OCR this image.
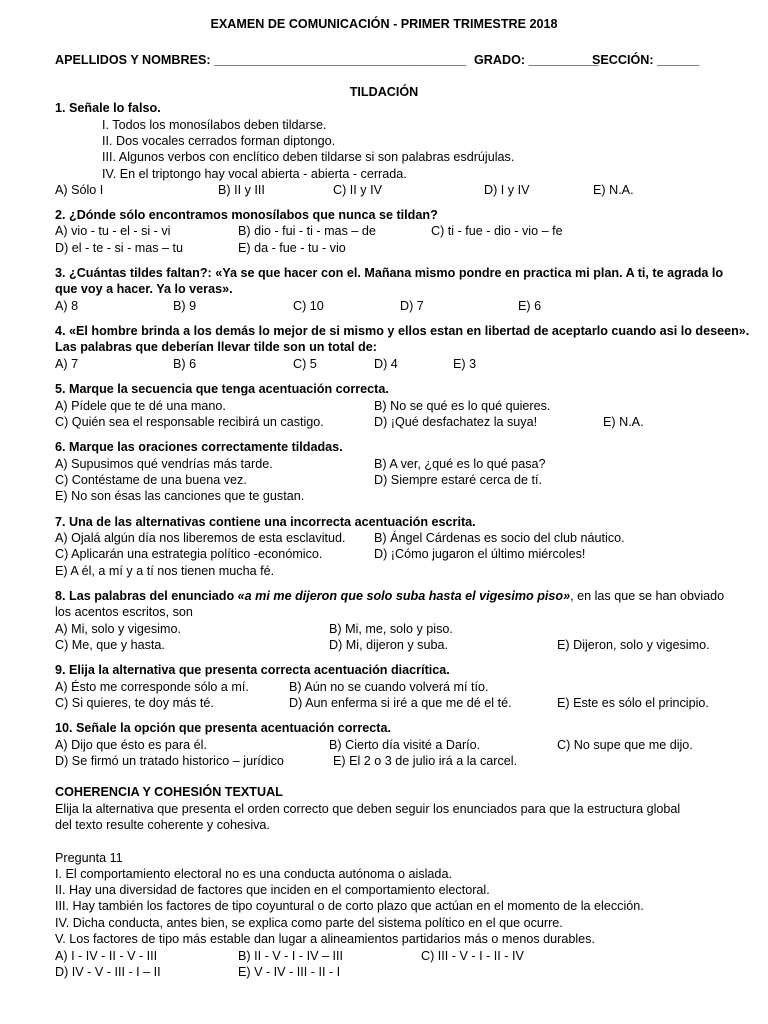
EXAMEN DE COMUNICACIÓN - PRIMER TRIMESTRE 2018
APELLIDOS Y NOMBRES: ____________________________________ GRADO: __________
SECCIÓN: ______
TILDACIÓN
1. Señale lo falso.
I. Todos los monosílabos deben tildarse.
II. Dos vocales cerrados forman diptongo.
III. Algunos verbos con enclítico deben tildarse si son palabras esdrújulas.
IV. En el triptongo hay vocal abierta - abierta - cerrada.
A) Sólo I	B) II y III	C) II y IV	D) I y IV	E) N.A.
2. ¿Dónde sólo encontramos monosílabos que nunca se tildan?
A) vio - tu - el - si - vi	B) dio - fui - ti - mas – de	C) ti - fue - dio - vio – fe
D) el - te - si - mas – tu	E) da - fue - tu - vio
3. ¿Cuántas tildes faltan?: «Ya se que hacer con el. Mañana mismo pondre en practica mi plan. A ti, te agrada lo
que voy a hacer. Ya lo veras».
A) 8	B) 9	C) 10	D) 7	E) 6
4. «El hombre brinda a los demás lo mejor de si mismo y ellos estan en libertad de aceptarlo cuando asi lo deseen».
Las palabras que deberían llevar tilde son un total de:
A) 7	B) 6	C) 5	D) 4	E) 3
5. Marque la secuencia que tenga acentuación correcta.
A) Pídele que te dé una mano.	B) No se qué es lo qué quieres.
C) Quién sea el responsable recibirá un castigo.	D) ¡Qué desfachatez la suya!	E) N.A.
6. Marque las oraciones correctamente tildadas.
A) Supusimos qué vendrías más tarde.	B) A ver, ¿qué es lo qué pasa?
C) Contéstame de una buena vez.	D) Siempre estaré cerca de tí.
E) No son ésas las canciones que te gustan.
7. Una de las alternativas contiene una incorrecta acentuación escrita.
A) Ojalá algún día nos liberemos de esta esclavitud. B) Ángel Cárdenas es socio del club náutico.
C) Aplicarán una estrategia político -económico.	D) ¡Cómo jugaron el último miércoles!
E) A él, a mí y a tí nos tienen mucha fé.
8. Las palabras del enunciado «a mi me dijeron que solo suba hasta el vigesimo piso», en las que se han obviado
los acentos escritos, son
A) Mi, solo y vigesimo.	B) Mi, me, solo y piso.
C) Me, que y hasta.	D) Mi, dijeron y suba.	E) Dijeron, solo y vigesimo.
9. Elija la alternativa que presenta correcta acentuación diacrítica.
A) Ésto me corresponde sólo a mí.	B) Aún no se cuando volverá mí tío.
C) Si quieres, te doy más té.	D) Aun enferma si iré a que me dé el té.	E) Este es sólo el principio.
10. Señale la opción que presenta acentuación correcta.
A) Dijo que ésto es para él.	B) Cierto día visité a Darío.	C) No supe que me dijo.
D) Se firmó un tratado historico – jurídico	E) El 2 o 3 de julio irá a la carcel.
COHERENCIA Y COHESIÓN TEXTUAL
Elija la alternativa que presenta el orden correcto que deben seguir los enunciados para que la estructura global
del texto resulte coherente y cohesiva.
Pregunta 11
I. El comportamiento electoral no es una conducta autónoma o aislada.
II. Hay una diversidad de factores que inciden en el comportamiento electoral.
III. Hay también los factores de tipo coyuntural o de corto plazo que actúan en el momento de la elección.
IV. Dicha conducta, antes bien, se explica como parte del sistema político en el que ocurre.
V. Los factores de tipo más estable dan lugar a alineamientos partidarios más o menos durables.
A) I - IV - II - V - III	B) II - V - I - IV – III	C) III - V - I - II - IV
D) IV - V - III - I – II	E) V - IV - III - II - I
